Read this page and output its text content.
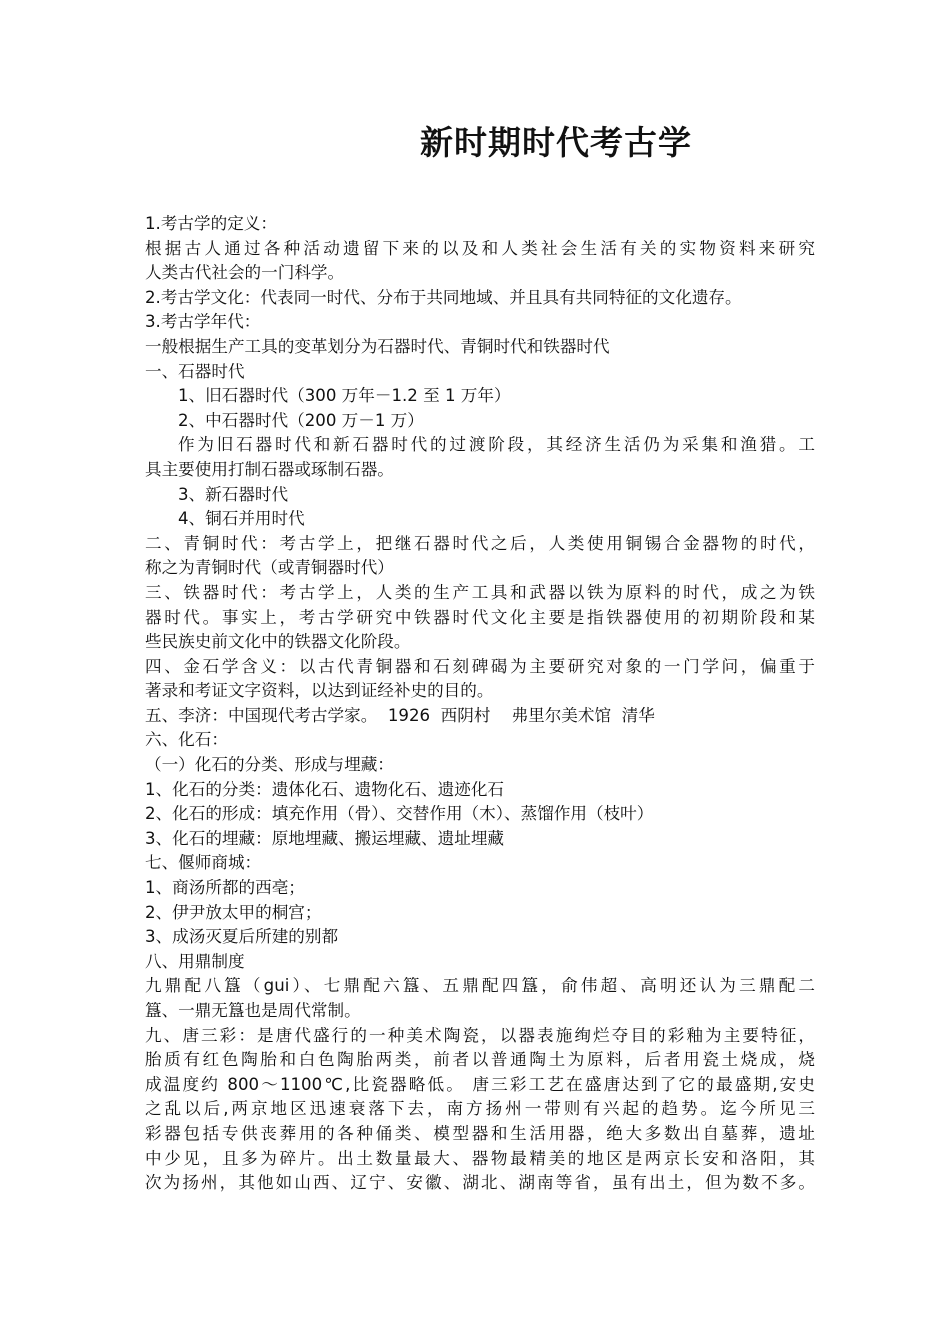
新时期时代考古学
1.考古学的定义：
根据古人通过各种活动遗留下来的以及和人类社会生活有关的实物资料来研究
人类古代社会的一门科学。
2.考古学文化：代表同一时代、分布于共同地域、并且具有共同特征的文化遗存。
3.考古学年代：
一般根据生产工具的变革划分为石器时代、青铜时代和铁器时代
一、石器时代
1、旧石器时代（300 万年－1.2 至 1 万年）
2、中石器时代（200 万－1 万）
作为旧石器时代和新石器时代的过渡阶段，其经济生活仍为采集和渔猎。工
具主要使用打制石器或琢制石器。
3、新石器时代
4、铜石并用时代
二、青铜时代：考古学上，把继石器时代之后，人类使用铜锡合金器物的时代，
称之为青铜时代（或青铜器时代）
三、铁器时代：考古学上，人类的生产工具和武器以铁为原料的时代，成之为铁
器时代。事实上，考古学研究中铁器时代文化主要是指铁器使用的初期阶段和某
些民族史前文化中的铁器文化阶段。
四、金石学含义：以古代青铜器和石刻碑碣为主要研究对象的一门学问，偏重于
著录和考证文字资料，以达到证经补史的目的。
五、李济：中国现代考古学家。  1926  西阴村    弗里尔美术馆  清华
六、化石：
（一）化石的分类、形成与埋藏：
1、化石的分类：遗体化石、遗物化石、遗迹化石
2、化石的形成：填充作用（骨）、交替作用（木）、蒸馏作用（枝叶）
3、化石的埋藏：原地埋藏、搬运埋藏、遗址埋藏
七、偃师商城：
1、商汤所都的西亳；
2、伊尹放太甲的桐宫；
3、成汤灭夏后所建的别都
八、用鼎制度
九鼎配八簋（gui）、七鼎配六簋、五鼎配四簋，俞伟超、高明还认为三鼎配二
簋、一鼎无簋也是周代常制。
九、唐三彩：是唐代盛行的一种美术陶瓷，以器表施绚烂夺目的彩釉为主要特征，
胎质有红色陶胎和白色陶胎两类，前者以普通陶土为原料，后者用瓷土烧成，烧
成温度约 800～1100℃,比瓷器略低。 唐三彩工艺在盛唐达到了它的最盛期,安史
之乱以后,两京地区迅速衰落下去，南方扬州一带则有兴起的趋势。迄今所见三
彩器包括专供丧葬用的各种俑类、模型器和生活用器，绝大多数出自墓葬，遗址
中少见，且多为碎片。出土数量最大、器物最精美的地区是两京长安和洛阳，其
次为扬州，其他如山西、辽宁、安徽、湖北、湖南等省，虽有出土，但为数不多。
